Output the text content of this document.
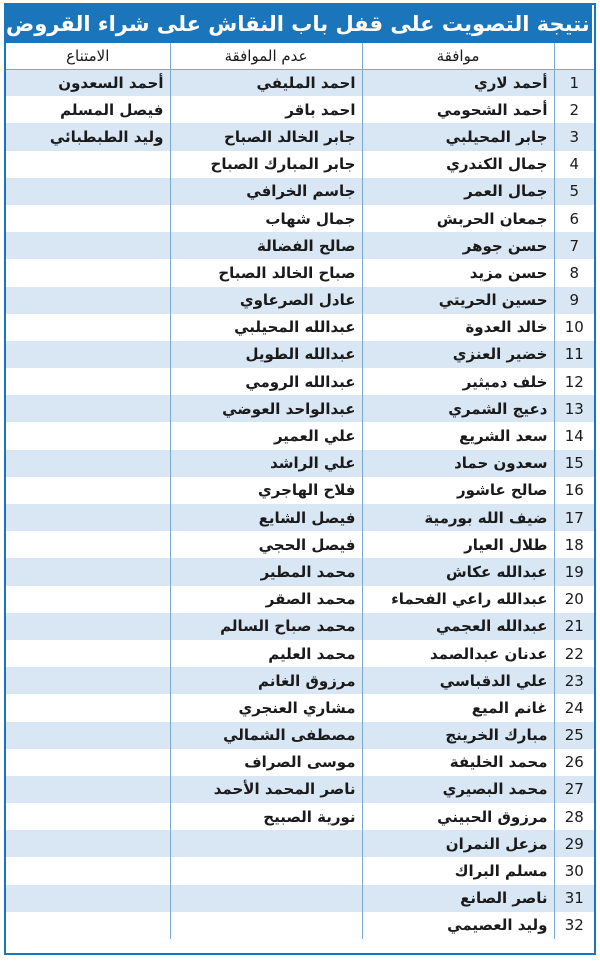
نتيجة التصويت على قفل باب النقاش على شراء القروض
	موافقة	عدم الموافقة	الامتناع
1	أحمد لاري	احمد المليفي	أحمد السعدون
2	أحمد الشحومي	احمد باقر	فيصل المسلم
3	جابر المحيلبي	جابر الخالد الصباح	وليد الطبطبائي
4	جمال الكندري	جابر المبارك الصباح	
5	جمال العمر	جاسم الخرافي	
6	جمعان الحربش	جمال شهاب	
7	حسن جوهر	صالح الفضالة	
8	حسن مزيد	صباح الخالد الصباح	
9	حسين الحريتي	عادل الصرعاوي	
10	خالد العدوة	عبدالله المحيلبي	
11	خضير العنزي	عبدالله الطويل	
12	خلف دميثير	عبدالله الرومي	
13	دعيج الشمري	عبدالواحد العوضي	
14	سعد الشريع	علي العمير	
15	سعدون حماد	علي الراشد	
16	صالح عاشور	فلاح الهاجري	
17	ضيف الله بورمية	فيصل الشايع	
18	طلال العيار	فيصل الحجي	
19	عبدالله عكاش	محمد المطير	
20	عبدالله راعي الفحماء	محمد الصقر	
21	عبدالله العجمي	محمد صباح السالم	
22	عدنان عبدالصمد	محمد العليم	
23	علي الدقباسي	مرزوق الغانم	
24	غانم الميع	مشاري العنجري	
25	مبارك الخرينج	مصطفى الشمالي	
26	محمد الخليفة	موسى الصراف	
27	محمد البصيري	ناصر المحمد الأحمد	
28	مرزوق الحبيني	نورية الصبيح	
29	مزعل النمران		
30	مسلم البراك		
31	ناصر الصانع		
32	وليد العصيمي		
